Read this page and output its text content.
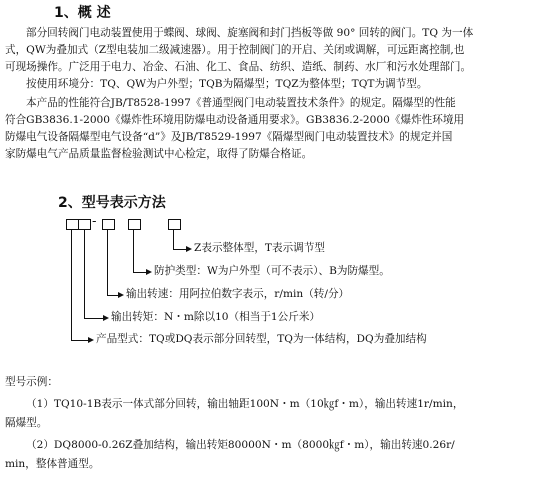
1、概 述
部分回转阀门电动装置使用于蝶阀、球阀、旋塞阀和封门挡板等做 90° 回转的阀门。TQ 为一体
式，QW为叠加式（Z型电装加二级减速器）。用于控制阀门的开启、关闭或调解，可远距离控制,也
可现场操作。广泛用于电力、冶金、石油、化工、食品、纺织、造纸、制药、水厂和污水处理部门。
按使用环境分：TQ、QW为户外型；TQB为隔爆型；TQZ为整体型；TQT为调节型。
本产品的性能符合JB/T8528-1997《普通型阀门电动装置技术条件》的规定。隔爆型的性能
符合GB3836.1-2000《爆炸性环境用防爆电动设备通用要求》。GB3836.2-2000《爆炸性环境用
防爆电气设备隔爆型电气设备“d”》及JB/T8529-1997《隔爆型阀门电动装置技术》的规定并国
家防爆电气产品质量监督检验测试中心检定，取得了防爆合格证。
2、型号表示方法
-
Z表示整体型，T表示调节型
防护类型：W为户外型（可不表示）、B为防爆型。
输出转速：用阿拉伯数字表示，r/min（转/分）
输出转矩：N・m除以10（相当于1公斤米）
产品型式：TQ或DQ表示部分回转型，TQ为一体结构，DQ为叠加结构
型号示例：
（1）TQ10-1B表示一体式部分回转，输出轴距100N・m（10㎏f・m），输出转速1r/min，
隔爆型。
（2）DQ8000-0.26Z叠加结构，输出转矩80000N・m（8000㎏f・m），输出转速0.26r/
min，整体普通型。
